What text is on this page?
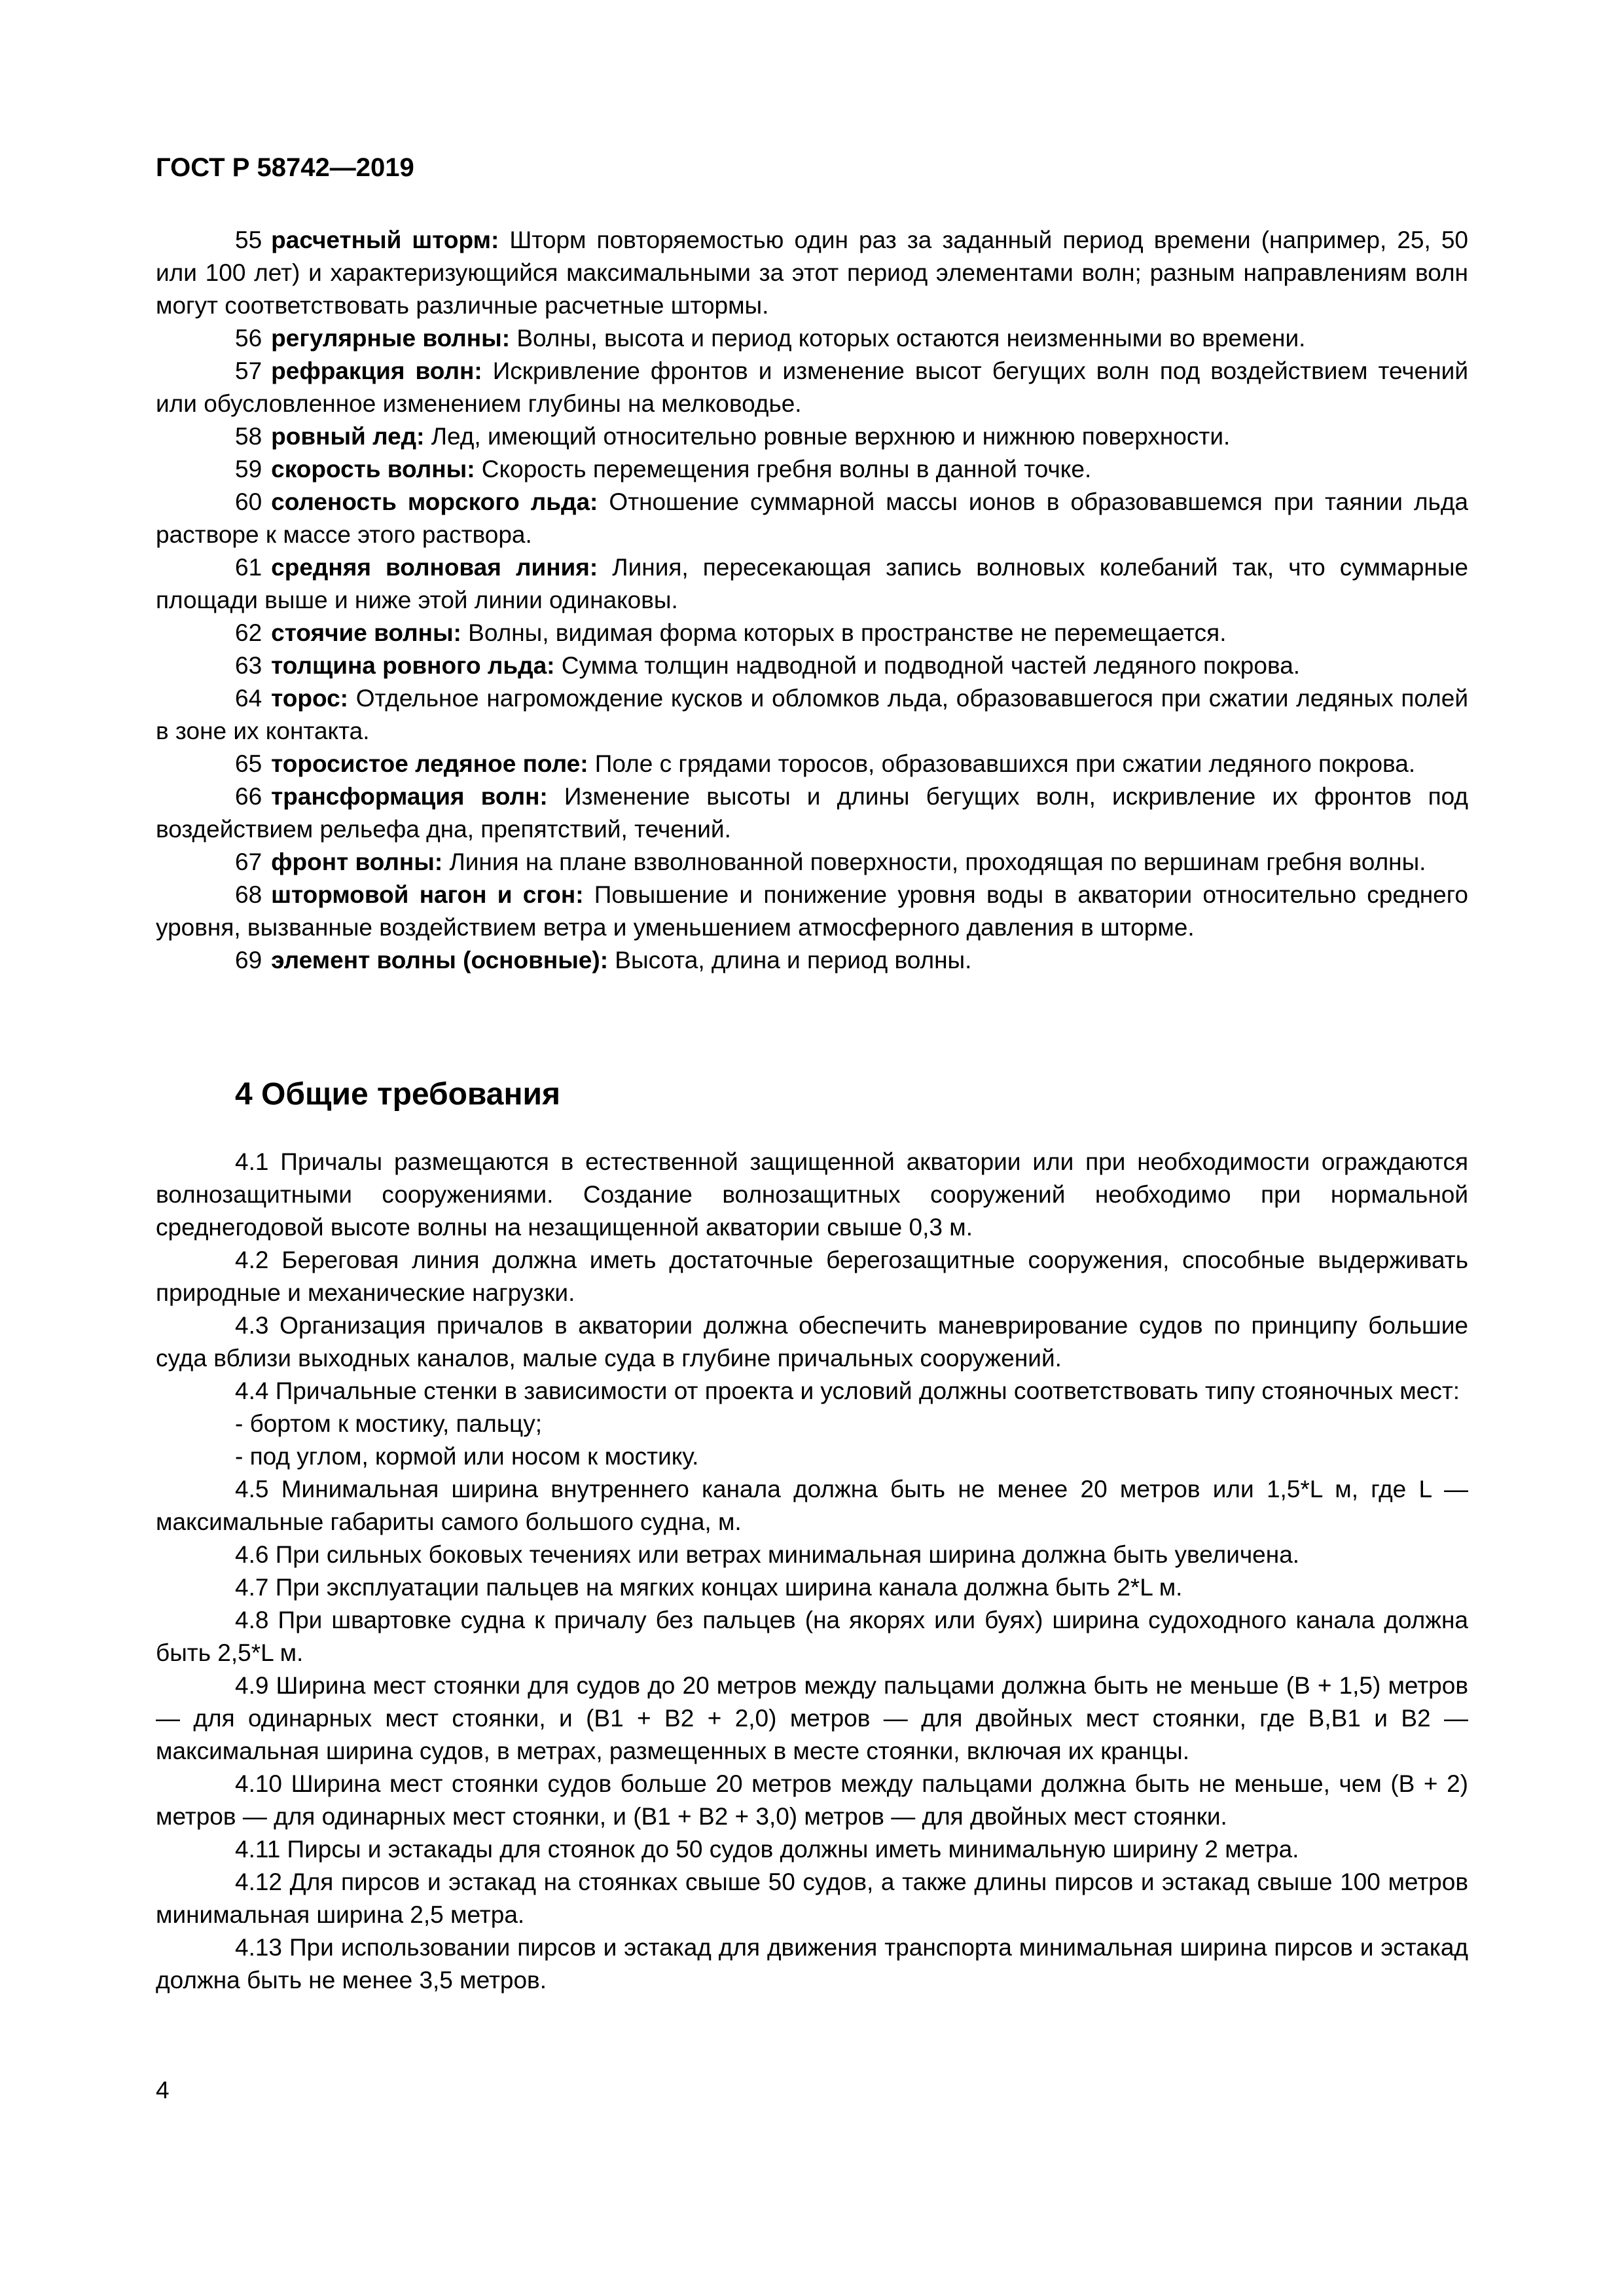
ГОСТ Р 58742—2019

55 расчетный шторм: Шторм повторяемостью один раз за заданный период времени (например, 25, 50 или 100 лет) и характеризующийся максимальными за этот период элементами волн; разным направлениям волн могут соответствовать различные расчетные штормы.

56 регулярные волны: Волны, высота и период которых остаются неизменными во времени.

57 рефракция волн: Искривление фронтов и изменение высот бегущих волн под воздействием течений или обусловленное изменением глубины на мелководье.

58 ровный лед: Лед, имеющий относительно ровные верхнюю и нижнюю поверхности.

59 скорость волны: Скорость перемещения гребня волны в данной точке.

60 соленость морского льда: Отношение суммарной массы ионов в образовавшемся при таянии льда растворе к массе этого раствора.

61 средняя волновая линия: Линия, пересекающая запись волновых колебаний так, что суммарные площади выше и ниже этой линии одинаковы.

62 стоячие волны: Волны, видимая форма которых в пространстве не перемещается.

63 толщина ровного льда: Сумма толщин надводной и подводной частей ледяного покрова.

64 торос: Отдельное нагромождение кусков и обломков льда, образовавшегося при сжатии ледяных полей в зоне их контакта.

65 торосистое ледяное поле: Поле с грядами торосов, образовавшихся при сжатии ледяного покрова.

66 трансформация волн: Изменение высоты и длины бегущих волн, искривление их фронтов под воздействием рельефа дна, препятствий, течений.

67 фронт волны: Линия на плане взволнованной поверхности, проходящая по вершинам гребня волны.

68 штормовой нагон и сгон: Повышение и понижение уровня воды в акватории относительно среднего уровня, вызванные воздействием ветра и уменьшением атмосферного давления в шторме.

69 элемент волны (основные): Высота, длина и период волны.

4 Общие требования

4.1 Причалы размещаются в естественной защищенной акватории или при необходимости ограждаются волнозащитными сооружениями. Создание волнозащитных сооружений необходимо при нормальной среднегодовой высоте волны на незащищенной акватории свыше 0,3 м.

4.2 Береговая линия должна иметь достаточные берегозащитные сооружения, способные выдерживать природные и механические нагрузки.

4.3 Организация причалов в акватории должна обеспечить маневрирование судов по принципу большие суда вблизи выходных каналов, малые суда в глубине причальных сооружений.

4.4 Причальные стенки в зависимости от проекта и условий должны соответствовать типу стояночных мест:

- бортом к мостику, пальцу;

- под углом, кормой или носом к мостику.

4.5 Минимальная ширина внутреннего канала должна быть не менее 20 метров или 1,5*L м, где L — максимальные габариты самого большого судна, м.

4.6 При сильных боковых течениях или ветрах минимальная ширина должна быть увеличена.

4.7 При эксплуатации пальцев на мягких концах ширина канала должна быть 2*L м.

4.8 При швартовке судна к причалу без пальцев (на якорях или буях) ширина судоходного канала должна быть 2,5*L м.

4.9 Ширина мест стоянки для судов до 20 метров между пальцами должна быть не меньше (В + 1,5) метров — для одинарных мест стоянки, и (В1 + В2 + 2,0) метров — для двойных мест стоянки, где В,В1 и В2 — максимальная ширина судов, в метрах, размещенных в месте стоянки, включая их кранцы.

4.10 Ширина мест стоянки судов больше 20 метров между пальцами должна быть не меньше, чем (В + 2) метров — для одинарных мест стоянки, и (В1 + В2 + 3,0) метров — для двойных мест стоянки.

4.11 Пирсы и эстакады для стоянок до 50 судов должны иметь минимальную ширину 2 метра.

4.12 Для пирсов и эстакад на стоянках свыше 50 судов, а также длины пирсов и эстакад свыше 100 метров минимальная ширина 2,5 метра.

4.13 При использовании пирсов и эстакад для движения транспорта минимальная ширина пирсов и эстакад должна быть не менее 3,5 метров.

4
